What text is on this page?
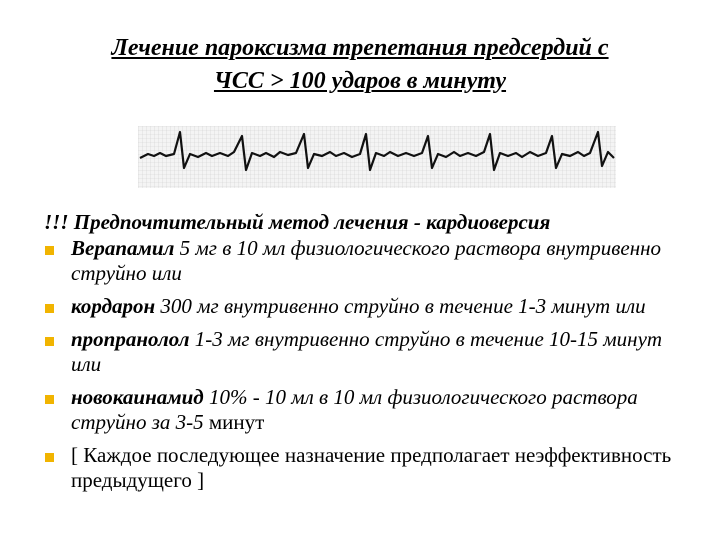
Лечение пароксизма трепетания предсердий с
ЧСС > 100 ударов в минуту
!!! Предпочтительный метод лечения - кардиоверсия
Верапамил 5 мг в 10 мл физиологического раствора внутривенно струйно или
кордарон 300 мг внутривенно струйно в течение 1-3 минут или
пропранолол 1-3 мг внутривенно струйно в течение 10-15 минут или
новокаинамид 10% - 10 мл в 10 мл физиологического раствора струйно за 3-5 минут
[ Каждое последующее назначение предполагает неэффективность предыдущего ]
